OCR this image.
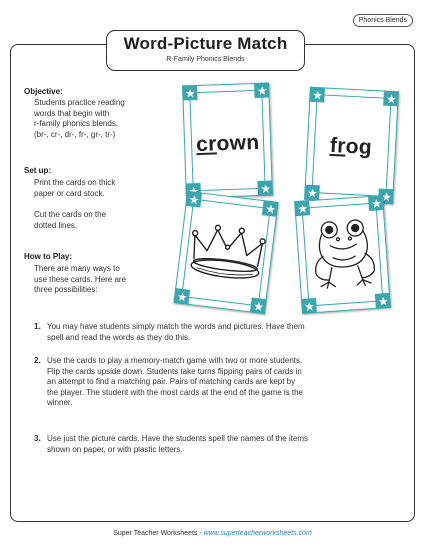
Phonics Blends
Word-Picture Match
R-Family Phonics Blends
Objective:
Students practice reading
words that begin with
r-family phonics blends.
(br-, cr-, dr-, fr-, gr-, tr-)
Set up:
Print the cards on thick
paper or card stock.
Cut the cards on the
dotted lines.
How to Play:
There are many ways to
use these cards. Here are
three possibilities:
crown	frog
1. You may have students simply match the words and pictures. Have them
spell and read the words as they do this.
2. Use the cards to play a memory-match game with two or more students.
Flip the cards upside down. Students take turns flipping pairs of cards in
an attempt to find a matching pair. Pairs of matching cards are kept by
the player. The student with the most cards at the end of the game is the
winner.
3. Use just the picture cards. Have the students spell the names of the items
shown on paper, or with plastic letters.
Super Teacher Worksheets - www.superteacherworksheets.com
